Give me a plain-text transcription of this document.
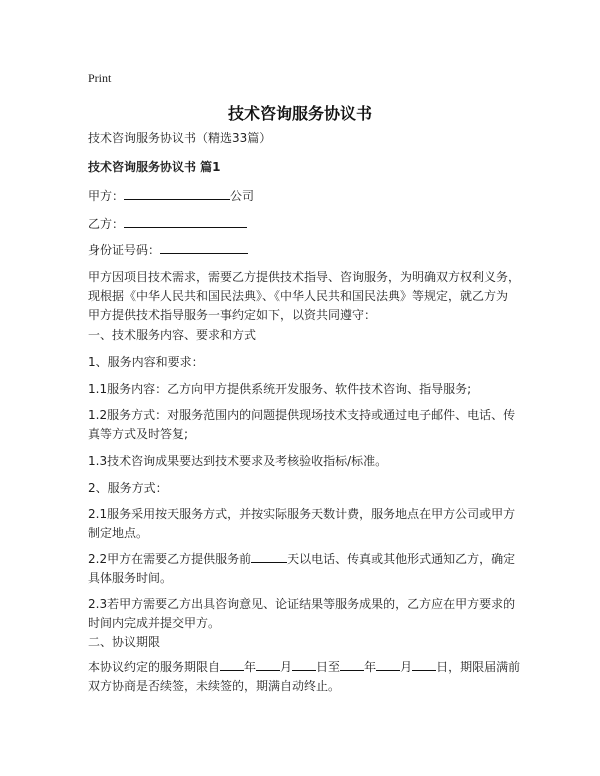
Print
技术咨询服务协议书
技术咨询服务协议书（精选33篇）
技术咨询服务协议书 篇1
甲方：	公司
乙方：
身份证号码：
甲方因项目技术需求，需要乙方提供技术指导、咨询服务，为明确双方权利义务，
现根据《中华人民共和国民法典》、《中华人民共和国民法典》等规定，就乙方为
甲方提供技术指导服务一事约定如下，以资共同遵守：
一、技术服务内容、要求和方式
1、服务内容和要求：
1.1服务内容：乙方向甲方提供系统开发服务、软件技术咨询、指导服务;
1.2服务方式：对服务范围内的问题提供现场技术支持或通过电子邮件、电话、传
真等方式及时答复;
1.3技术咨询成果要达到技术要求及考核验收指标/标准。
2、服务方式：
2.1服务采用按天服务方式，并按实际服务天数计费，服务地点在甲方公司或甲方
制定地点。
2.2甲方在需要乙方提供服务前	天以电话、传真或其他形式通知乙方，确定
具体服务时间。
2.3若甲方需要乙方出具咨询意见、论证结果等服务成果的，乙方应在甲方要求的
时间内完成并提交甲方。
二、协议期限
本协议约定的服务期限自 年 月 日至 年 月 日，期限届满前
双方协商是否续签，未续签的，期满自动终止。
